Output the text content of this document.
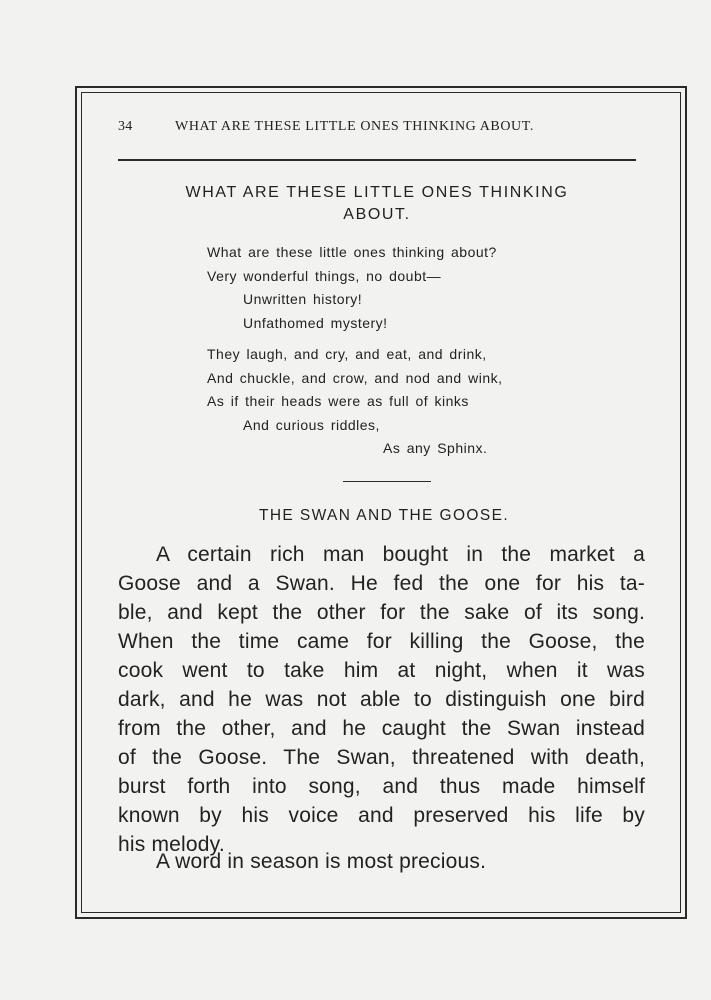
34	WHAT ARE THESE LITTLE ONES THINKING ABOUT.
WHAT ARE THESE LITTLE ONES THINKING
ABOUT.
What are these little ones thinking about?
Very wonderful things, no doubt—
Unwritten history!
Unfathomed mystery!
They laugh, and cry, and eat, and drink,
And chuckle, and crow, and nod and wink,
As if their heads were as full of kinks
And curious riddles,
As any Sphinx.
THE SWAN AND THE GOOSE.
A certain rich man bought in the market a
Goose and a Swan. He fed the one for his ta-
ble, and kept the other for the sake of its song.
When the time came for killing the Goose, the
cook went to take him at night, when it was
dark, and he was not able to distinguish one bird
from the other, and he caught the Swan instead
of the Goose. The Swan, threatened with death,
burst forth into song, and thus made himself
known by his voice and preserved his life by
his melody.
A word in season is most precious.
